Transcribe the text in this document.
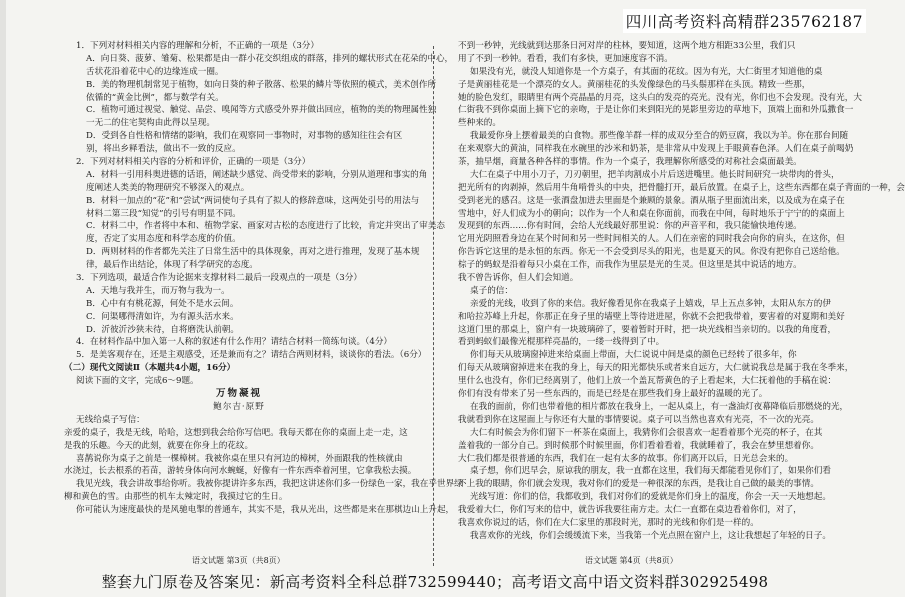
1．下列对材料相关内容的理解和分析，不正确的一项是（3分）
A．向日葵、菠萝、雏菊、松果都是由一群小花交织组成的群落，排列的螺状形式在花朵的中心，
舌状花沿着花中心的边缘连成一圈。
B．美的物理机制常见于植物，如向日葵的种子散落、松果的鳞片等依照的模式，美术创作所
依循的“黄金比例”，都与数学有关。
C．植物可通过视觉、触觉、品尝、嗅闻等方式感受外界并做出回应，植物的美的物理属性独
一无二的住宅契构由此得以呈现。
D．受到各自性格和情绪的影响，我们在观察同一事物时，对事物的感知往往会有区
别，将出乡释看法，做出不一致的反应。
2．下列对材料相关内容的分析和评价，正确的一项是（3分）
A．材料一引用科奥进德的话语，阐述缺少感觉、尚受带来的影响，分别从道理和事实的角
度阐述人类美的物理研究不够深入的观点。
B．材料一加点的“花”和“尝试”两词使句子具有了拟人的修辞意味，这两处引号的用法与
材料二第三段“知觉”的引号有明显不同。
C．材料二中，作者将中本和、植物学家、画家对古松的态度进行了比较，肯定并突出了审美态
度，否定了实用态度和科学态度的价值。
D．两则材料的作者都先关注了日常生活中的具体现象，再对之进行推理，发现了基本规
律，最后作出结论，体现了科学研究的态度。
3．下列选项，最适合作为论据来支撑材料二最后一段观点的一项是（3分）
A．天地与我并生，而万物与我为一。
B．心中有有桃花源，何处不是水云间。
C．问渠哪得清如许，为有源头活水来。
D．沂彼沂沙狭未待，自将磨洗认前朝。
4．在材料作品中加入第一人称的叙述有什么作用？请结合材料一简练句谈。（4分）
5．是美客观存在，还是主观感受，还是兼而有之？请结合两则材料，谈谈你的看法。（6分）
（二）现代文阅读Ⅱ（本题共4小题，16分）
阅读下面的文字，完成6～9题。
万物凝视
鲍尔吉·原野
无线给桌子写信：
亲爱的桌子，我是无线，哈哈，这想到我会给你写信吧。我每天都在你的桌面上走一走，这
是我的乐趣。今天的此刻，就要在你身上的花纹。
喜鹊说你为桌子之前是一棵樟树。我被你桌在里只有河边的樟树，外面跟我的性核就由
水浇过，长去根系的若苗，游转身体向河水蜿蜒，好像有一件东西牵着河里，它拿我松去摸。
我见光线，我会讲故事给你听。我被你提讲许多东西，我把这讲述你们多一份绿色一家，我在乎世界绿
柳和黄色的雪。由那些的机车太辣定时，我摸过它的生日。
你可能认为速度最快的是风驰电掣的普通车，其实不是，我从光出，这些都是来在那棋边山上升起，
不到一秒钟，光线就到达那条日河对岸的柱林，要知道，这两个地方相距33公里，我们只
用了不到一秒钟。看看，我们有多快，更加速度容不消。
如果没有光，就没人知道你是一个方桌子，有其面的花纹。因为有光，大仁街里才知道他的桌
子是黄丽桂花是一个漂亮的女人。黄丽桂花的头发像绿色的马头鬃那样在头顶。精致一些那，
她的脸色发红，眼睛里有两个亮晶晶的月亮，这头白的发亮的亮光。没有光，你们也不会发现。没有光，大
仁街我不到你桌面上摘下它的亲吻，于是让你们来到阳光的晃影里旁边的草地下，顶端上面和外瓜撒食一
些种来的。
我最爱你身上摆着最美的白食物。那些像羊群一样的成双分至合的奶豆腐，我以为羊。你在那台间随
在来观察大的黄油，同样我在水碗里的沙米和奶茶，是非常从中发现上手眼黄春色泽。人们在桌子前喝奶
茶，抽早烟，商量各种各样的事情。作为一个桌子，我理解你所感受的对称社会桌面最美。
大仁在桌子中用小刀子，刀刃朝里，把羊肉割成小片后送进嘴里。他长时间研究一块带肉的骨头，
把光所有的肉剥掉，然后用牛角啃骨头的中央，把骨髓打开，最后放置。在桌子上，这些东西都在桌子背面的一种，会
受到老光的感召。这是一张酒盘加进去里面是个兼顾的景象。酒从瓶子里面流出来，以及成为在桌子在
雪地中，好人们成为小的朝向；以作为一个人和桌在你面前，而我在中间，每时地乐于宁宁的的桌面上
发现到的东西……你有时间，会给人光线最好那里说：你的声音平和，我只能愉快地传递。
它用光阴照看身边在某个时间和另一些时间相关的人。人们在亲密的同时我会向你的肩头，在这你，但
你告诉它这里的是永恒的东西。你无一不会受到尽头的阳光，也是夏天的风。你没有把你自己送给他。
棕子的蚂蚁是沿着每只小桌在工作，而我作为里层是光的生灵。但这里是其中说话的地方。
我不曾告诉你，但人们会知道。
桌子的信：
亲爱的光线，收到了你的来信。我好像看见你在我桌子上嬉戏，早上五点多钟，太阳从东方的伊
和哈拉苏峰上升起，你那正在身子里的墙壁上等待迸进屋，你就不会把我带着，要害着的对夏期和美好
这道门里的那桌上，窗户有一块玻璃碎了，要着暂时开时，把一块光线相当亲切的。以我的角度看，
看到蚂蚁们最像光棍那样亮晶的，一缕一线得到了中。
你们每天从玻璃窗掉进来给桌面上带面，大仁说说中间是桌的颜色已经转了很多年，你
们每天从玻璃窗掉进来在我的身上，每天的阳光都快乐或者来自远方，大仁就说我总是属于我在冬季来，
里什么也没有，你们已经离别了，他们上放一个盖瓦帮黄色的子上看起来，大仁抚着他的手稿在说：
你们有没有带来了另一些东西的，而是已经是在那些我们身上最好的温暖的光了。
在我的面前，你们也带着他的相片都放在我身上，一起从桌上，有一盏油灯夜幕降临后那燃烧的光，
我就看到你在这屋面上与你还有大量的事情要说。桌子可以当然也喜欢有光亮，不一次的光亮。
大仁有时候会为你们留下一杯茶在桌面上，我猜你们会很喜欢一起看着那个光亮的杯子，在其
盖着我的一部分自己。到时候那个时候里面，你们看着看着，我就睡着了，我会在梦里想着你。
大仁我们都是很普通的东西，我们在一起有太多的故事。你们离开以后，日光总会来的。
桌子想，你们迟早会，原谅我的朋友，我一直都在这里，我们每天都能看见你们了，如果你们看
不上我的眼睛，你们就会发现，我对你们的爱是一种很深的东西，是我让自己做的最美的事情。
光线写道：你们的信，我都收到，我们对你们的爱就是你们身上的温度，你会一天一天地想起。
我爱着大仁，你们写来的信中，就告诉我要往南方走。太仁一直都在桌边看着你们，对了，
我喜欢你说过的话，你们在大仁家里的那段时光，那时的光线和你们是一样的。
我喜欢你的光线，你们会缓缓流下来，当我第一个光点照在窗户上，这让我想起了年轻的日子。
语文试题 第3页（共8页）	语文试题 第4页（共8页）
四川高考资料高精群235762187
整套九门原卷及答案见：新高考资料全科总群732599440；高考语文高中语文资料群302925498
